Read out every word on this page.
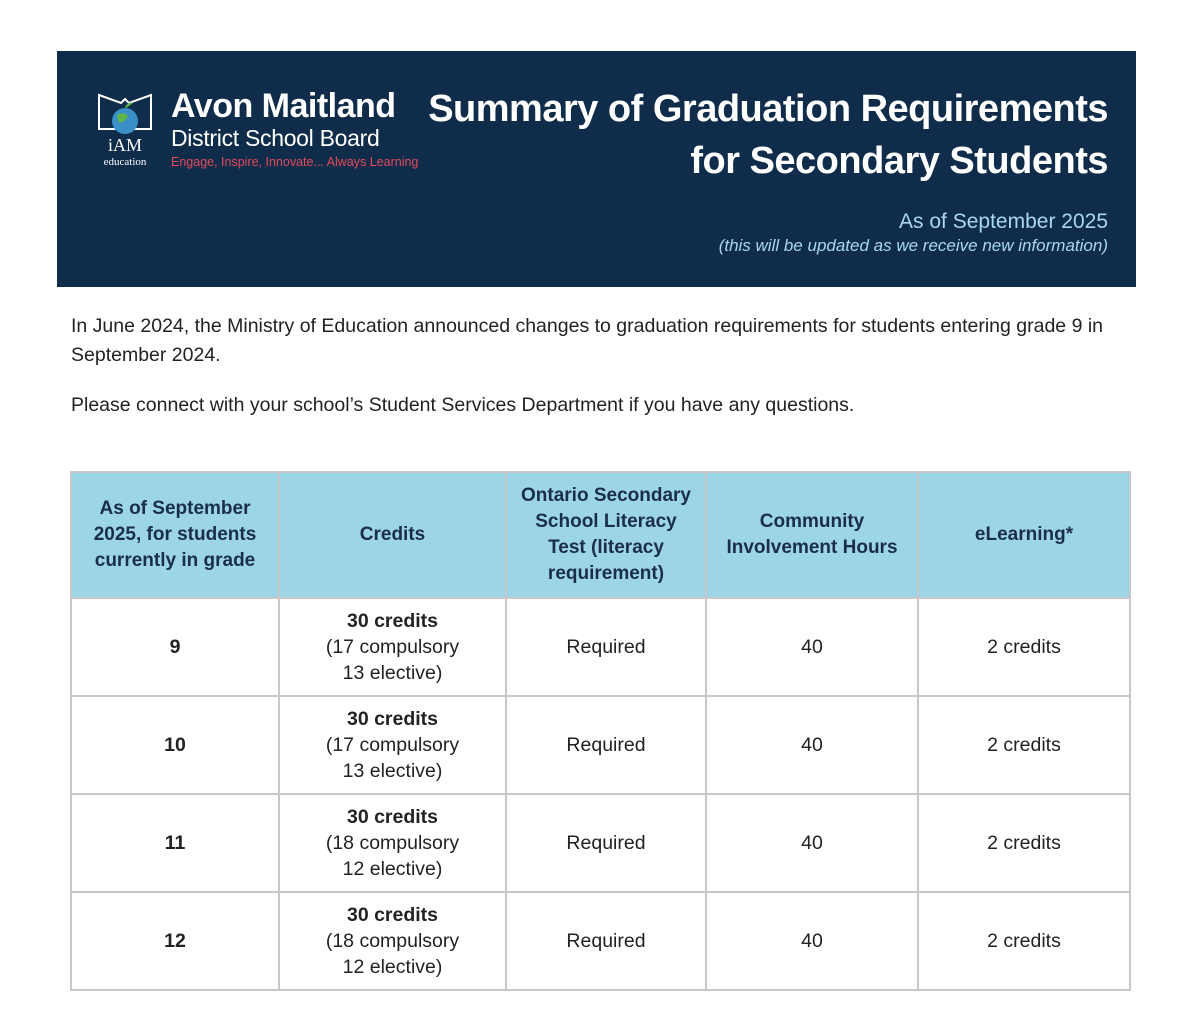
iAM
education
Avon Maitland
District School Board
Engage, Inspire, Innovate... Always Learning
Summary of Graduation Requirements
for Secondary Students
As of September 2025
(this will be updated as we receive new information)

In June 2024, the Ministry of Education announced changes to graduation requirements for students entering grade 9 in September 2024.

Please connect with your school’s Student Services Department if you have any questions.

As of September 2025, for students currently in grade	Credits	Ontario Secondary School Literacy Test (literacy requirement)	Community Involvement Hours	eLearning*
9	30 credits
(17 compulsory
13 elective)	Required	40	2 credits
10	30 credits
(17 compulsory
13 elective)	Required	40	2 credits
11	30 credits
(18 compulsory
12 elective)	Required	40	2 credits
12	30 credits
(18 compulsory
12 elective)	Required	40	2 credits
